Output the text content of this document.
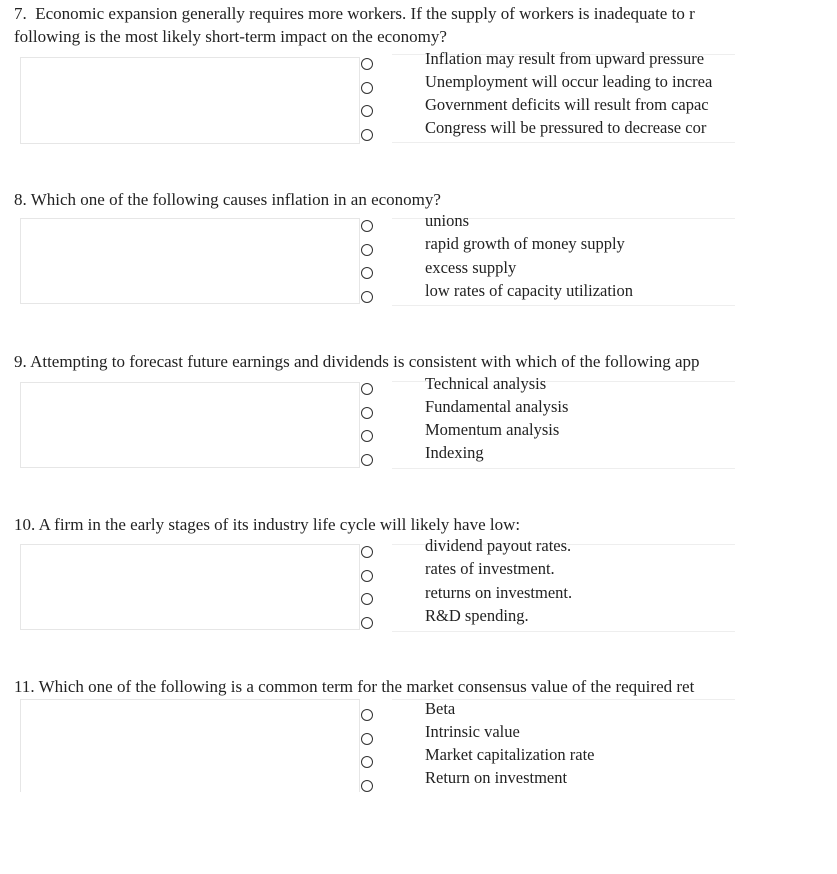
7. Economic expansion generally requires more workers. If the supply of workers is inadequate to r
following is the most likely short-term impact on the economy?
Inflation may result from upward pressure
Unemployment will occur leading to increa
Government deficits will result from capac
Congress will be pressured to decrease cor
8. Which one of the following causes inflation in an economy?
unions
rapid growth of money supply
excess supply
low rates of capacity utilization
9. Attempting to forecast future earnings and dividends is consistent with which of the following app
Technical analysis
Fundamental analysis
Momentum analysis
Indexing
10. A firm in the early stages of its industry life cycle will likely have low:
dividend payout rates.
rates of investment.
returns on investment.
R&D spending.
11. Which one of the following is a common term for the market consensus value of the required ret
Beta
Intrinsic value
Market capitalization rate
Return on investment
